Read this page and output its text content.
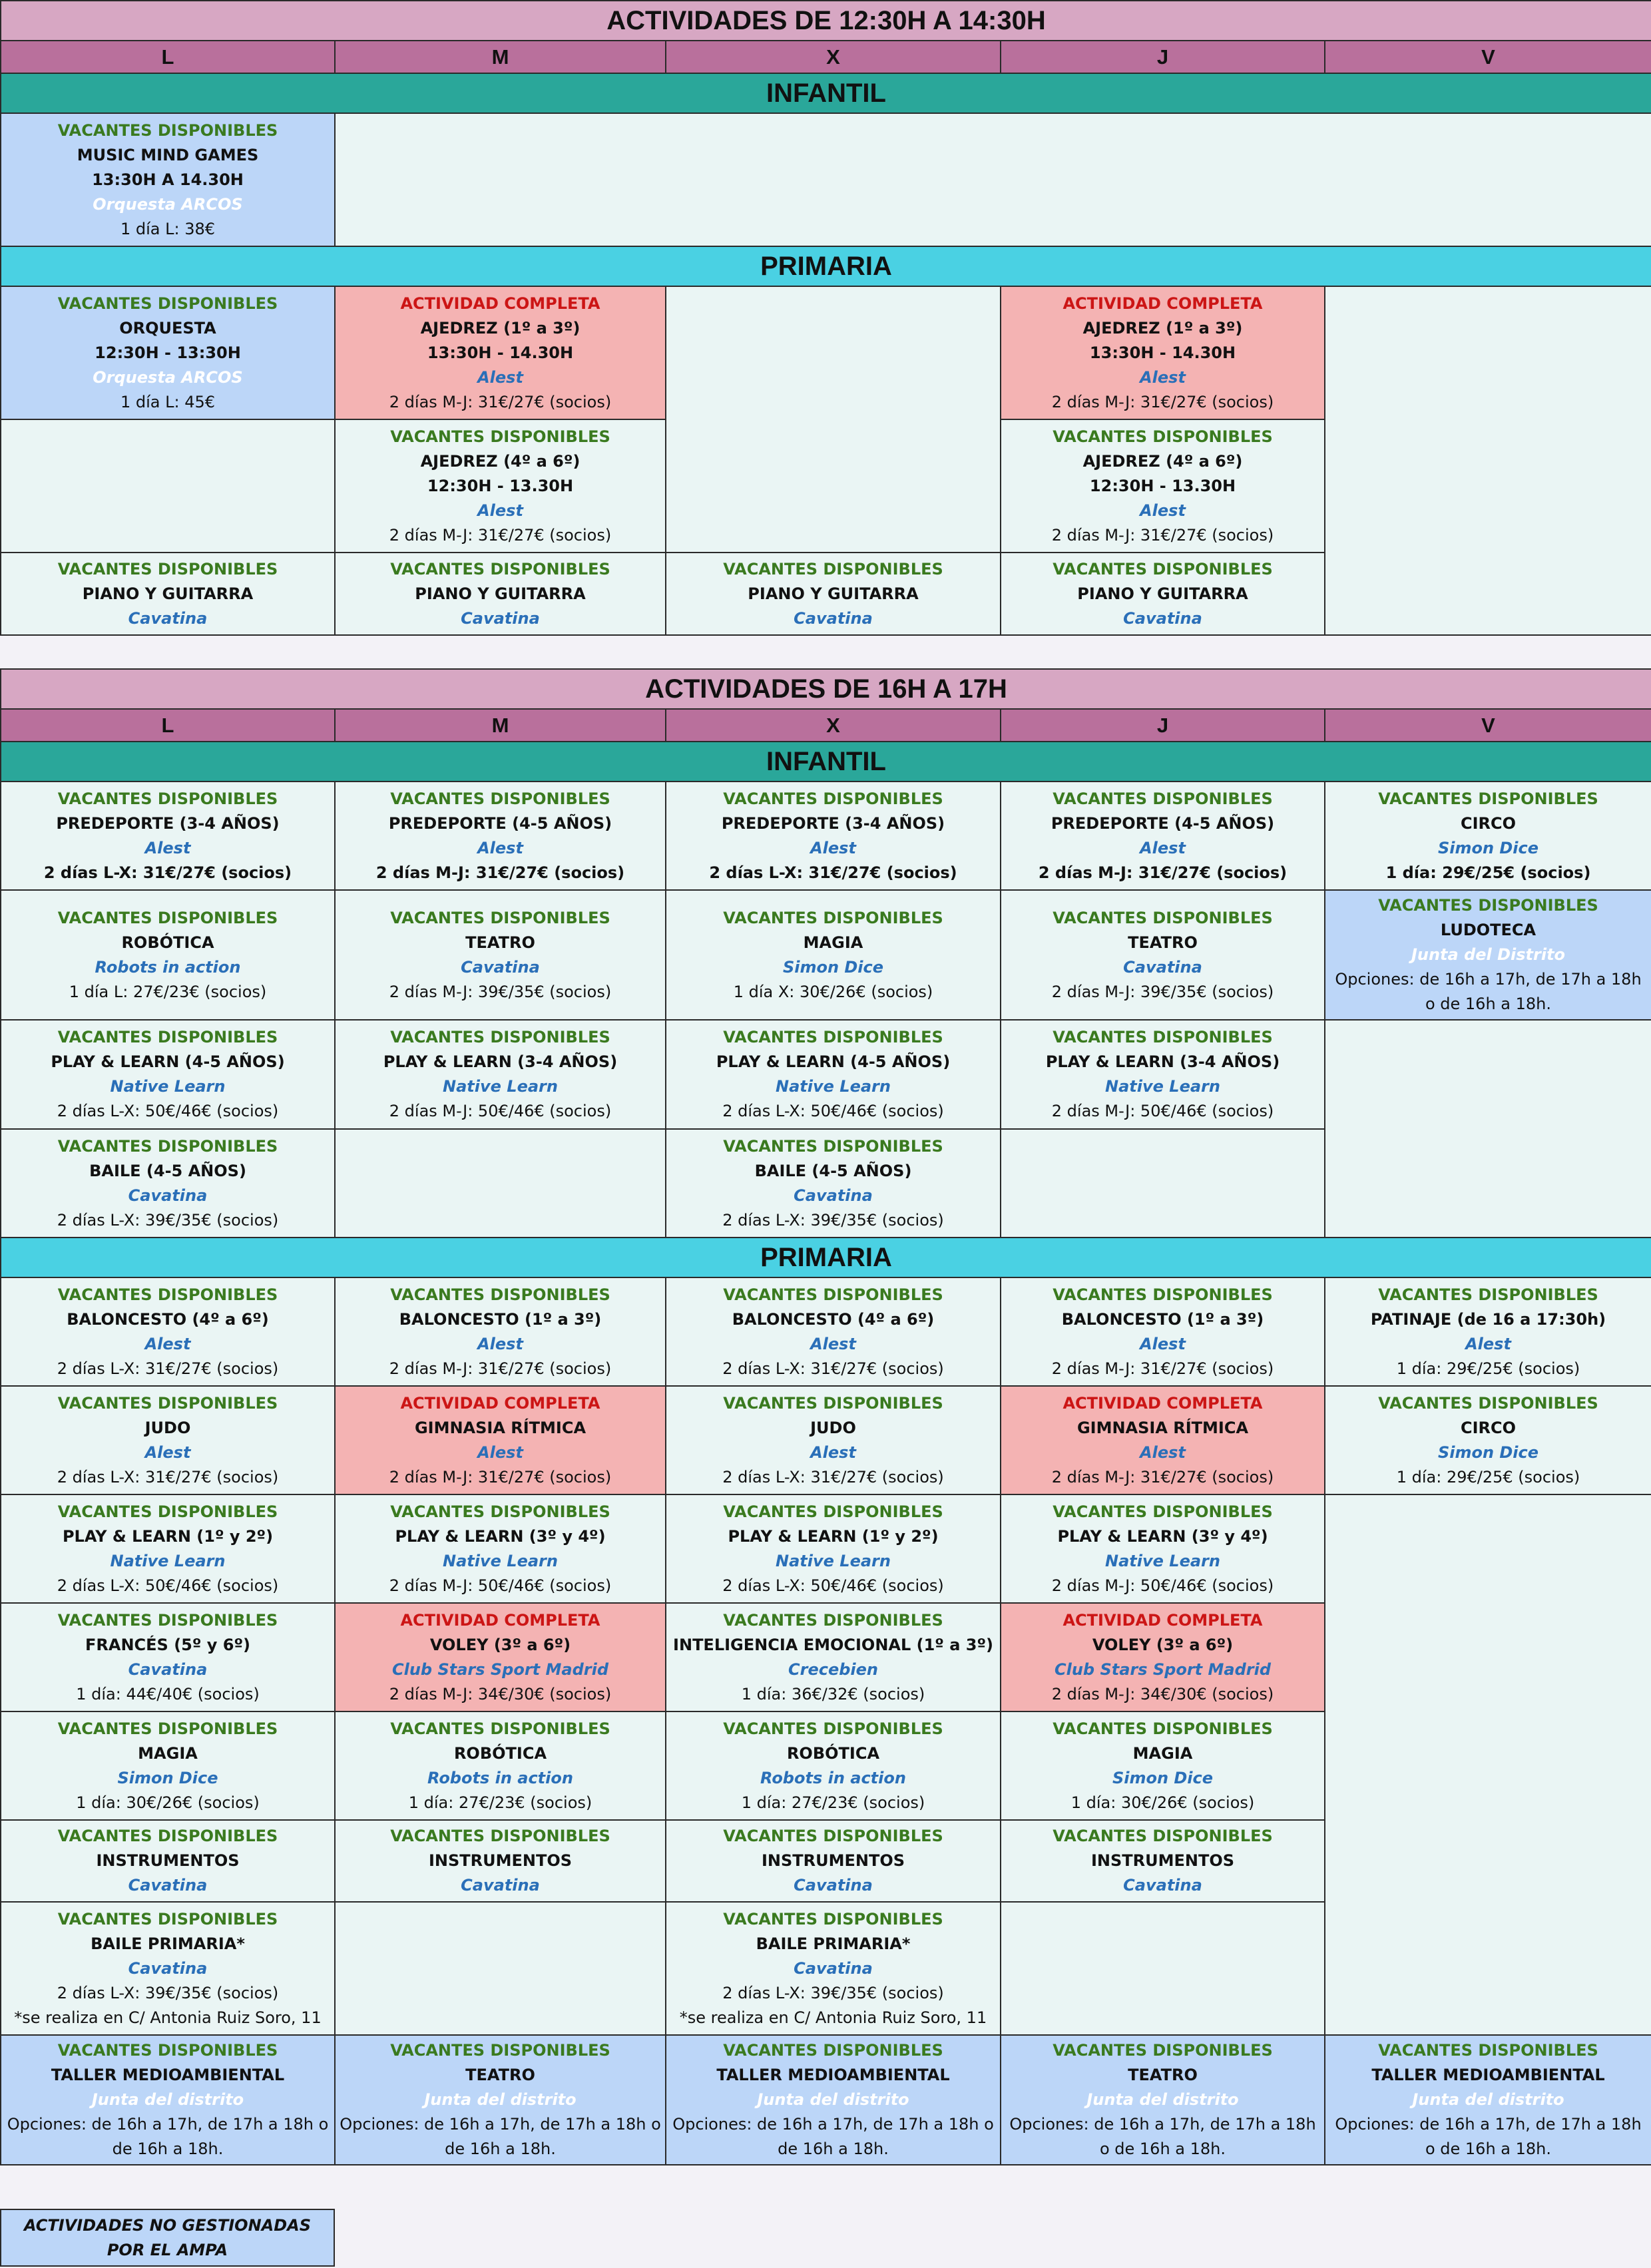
ACTIVIDADES DE 12:30H A 14:30H				
L	M	X	J	V
INFANTIL				

VACANTES DISPONIBLES
MUSIC MIND GAMES
13:30H A 14.30H
Orquesta ARCOS
1 día L: 38€				

PRIMARIA				

VACANTES DISPONIBLES
ORQUESTA
12:30H - 13:30H
Orquesta ARCOS
1 día L: 45€	ACTIVIDAD COMPLETA
AJEDREZ (1º a 3º)
13:30H - 14.30H
Alest
2 días M-J: 31€/27€ (socios)		ACTIVIDAD COMPLETA
AJEDREZ (1º a 3º)
13:30H - 14.30H
Alest
2 días M-J: 31€/27€ (socios)	

	VACANTES DISPONIBLES
AJEDREZ (4º a 6º)
12:30H - 13.30H
Alest
2 días M-J: 31€/27€ (socios)		VACANTES DISPONIBLES
AJEDREZ (4º a 6º)
12:30H - 13.30H
Alest
2 días M-J: 31€/27€ (socios)	

VACANTES DISPONIBLES
PIANO Y GUITARRA
Cavatina	VACANTES DISPONIBLES
PIANO Y GUITARRA
Cavatina	VACANTES DISPONIBLES
PIANO Y GUITARRA
Cavatina	VACANTES DISPONIBLES
PIANO Y GUITARRA
Cavatina	
ACTIVIDADES DE 16H A 17H				
L	M	X	J	V
INFANTIL				

VACANTES DISPONIBLES
PREDEPORTE (3-4 AÑOS)
Alest
2 días L-X: 31€/27€ (socios)	VACANTES DISPONIBLES
PREDEPORTE (4-5 AÑOS)
Alest
2 días M-J: 31€/27€ (socios)	VACANTES DISPONIBLES
PREDEPORTE (3-4 AÑOS)
Alest
2 días L-X: 31€/27€ (socios)	VACANTES DISPONIBLES
PREDEPORTE (4-5 AÑOS)
Alest
2 días M-J: 31€/27€ (socios)	VACANTES DISPONIBLES
CIRCO
Simon Dice
1 día: 29€/25€ (socios)

VACANTES DISPONIBLES
ROBÓTICA
Robots in action
1 día L: 27€/23€ (socios)	VACANTES DISPONIBLES
TEATRO
Cavatina
2 días M-J: 39€/35€ (socios)	VACANTES DISPONIBLES
MAGIA
Simon Dice
1 día X: 30€/26€ (socios)	VACANTES DISPONIBLES
TEATRO
Cavatina
2 días M-J: 39€/35€ (socios)	VACANTES DISPONIBLES
LUDOTECA
Junta del Distrito
Opciones: de 16h a 17h, de 17h a 18h o de 16h a 18h.

VACANTES DISPONIBLES
PLAY & LEARN (4-5 AÑOS)
Native Learn
2 días L-X: 50€/46€ (socios)	VACANTES DISPONIBLES
PLAY & LEARN (3-4 AÑOS)
Native Learn
2 días M-J: 50€/46€ (socios)	VACANTES DISPONIBLES
PLAY & LEARN (4-5 AÑOS)
Native Learn
2 días L-X: 50€/46€ (socios)	VACANTES DISPONIBLES
PLAY & LEARN (3-4 AÑOS)
Native Learn
2 días M-J: 50€/46€ (socios)	

VACANTES DISPONIBLES
BAILE (4-5 AÑOS)
Cavatina
2 días L-X: 39€/35€ (socios)		VACANTES DISPONIBLES
BAILE (4-5 AÑOS)
Cavatina
2 días L-X: 39€/35€ (socios)		

PRIMARIA				

VACANTES DISPONIBLES
BALONCESTO (4º a 6º)
Alest
2 días L-X: 31€/27€ (socios)	VACANTES DISPONIBLES
BALONCESTO (1º a 3º)
Alest
2 días M-J: 31€/27€ (socios)	VACANTES DISPONIBLES
BALONCESTO (4º a 6º)
Alest
2 días L-X: 31€/27€ (socios)	VACANTES DISPONIBLES
BALONCESTO (1º a 3º)
Alest
2 días M-J: 31€/27€ (socios)	VACANTES DISPONIBLES
PATINAJE (de 16 a 17:30h)
Alest
1 día: 29€/25€ (socios)

VACANTES DISPONIBLES
JUDO
Alest
2 días L-X: 31€/27€ (socios)	ACTIVIDAD COMPLETA
GIMNASIA RÍTMICA
Alest
2 días M-J: 31€/27€ (socios)	VACANTES DISPONIBLES
JUDO
Alest
2 días L-X: 31€/27€ (socios)	ACTIVIDAD COMPLETA
GIMNASIA RÍTMICA
Alest
2 días M-J: 31€/27€ (socios)	VACANTES DISPONIBLES
CIRCO
Simon Dice
1 día: 29€/25€ (socios)

VACANTES DISPONIBLES
PLAY & LEARN (1º y 2º)
Native Learn
2 días L-X: 50€/46€ (socios)	VACANTES DISPONIBLES
PLAY & LEARN (3º y 4º)
Native Learn
2 días M-J: 50€/46€ (socios)	VACANTES DISPONIBLES
PLAY & LEARN (1º y 2º)
Native Learn
2 días L-X: 50€/46€ (socios)	VACANTES DISPONIBLES
PLAY & LEARN (3º y 4º)
Native Learn
2 días M-J: 50€/46€ (socios)	

VACANTES DISPONIBLES
FRANCÉS (5º y 6º)
Cavatina
1 día: 44€/40€ (socios)	ACTIVIDAD COMPLETA
VOLEY (3º a 6º)
Club Stars Sport Madrid
2 días M-J: 34€/30€ (socios)	VACANTES DISPONIBLES
INTELIGENCIA EMOCIONAL (1º a 3º)
Crecebien
1 día: 36€/32€ (socios)	ACTIVIDAD COMPLETA
VOLEY (3º a 6º)
Club Stars Sport Madrid
2 días M-J: 34€/30€ (socios)	

VACANTES DISPONIBLES
MAGIA
Simon Dice
1 día: 30€/26€ (socios)	VACANTES DISPONIBLES
ROBÓTICA
Robots in action
1 día: 27€/23€ (socios)	VACANTES DISPONIBLES
ROBÓTICA
Robots in action
1 día: 27€/23€ (socios)	VACANTES DISPONIBLES
MAGIA
Simon Dice
1 día: 30€/26€ (socios)	

VACANTES DISPONIBLES
INSTRUMENTOS
Cavatina	VACANTES DISPONIBLES
INSTRUMENTOS
Cavatina	VACANTES DISPONIBLES
INSTRUMENTOS
Cavatina	VACANTES DISPONIBLES
INSTRUMENTOS
Cavatina	

VACANTES DISPONIBLES
BAILE PRIMARIA*
Cavatina
2 días L-X: 39€/35€ (socios)
*se realiza en C/ Antonia Ruiz Soro, 11		VACANTES DISPONIBLES
BAILE PRIMARIA*
Cavatina
2 días L-X: 39€/35€ (socios)
*se realiza en C/ Antonia Ruiz Soro, 11		

VACANTES DISPONIBLES
TALLER MEDIOAMBIENTAL
Junta del distrito
Opciones: de 16h a 17h, de 17h a 18h o de 16h a 18h.	VACANTES DISPONIBLES
TEATRO
Junta del distrito
Opciones: de 16h a 17h, de 17h a 18h o de 16h a 18h.	VACANTES DISPONIBLES
TALLER MEDIOAMBIENTAL
Junta del distrito
Opciones: de 16h a 17h, de 17h a 18h o de 16h a 18h.	VACANTES DISPONIBLES
TEATRO
Junta del distrito
Opciones: de 16h a 17h, de 17h a 18h o de 16h a 18h.	VACANTES DISPONIBLES
TALLER MEDIOAMBIENTAL
Junta del distrito
Opciones: de 16h a 17h, de 17h a 18h o de 16h a 18h.
ACTIVIDADES NO GESTIONADAS
POR EL AMPA
